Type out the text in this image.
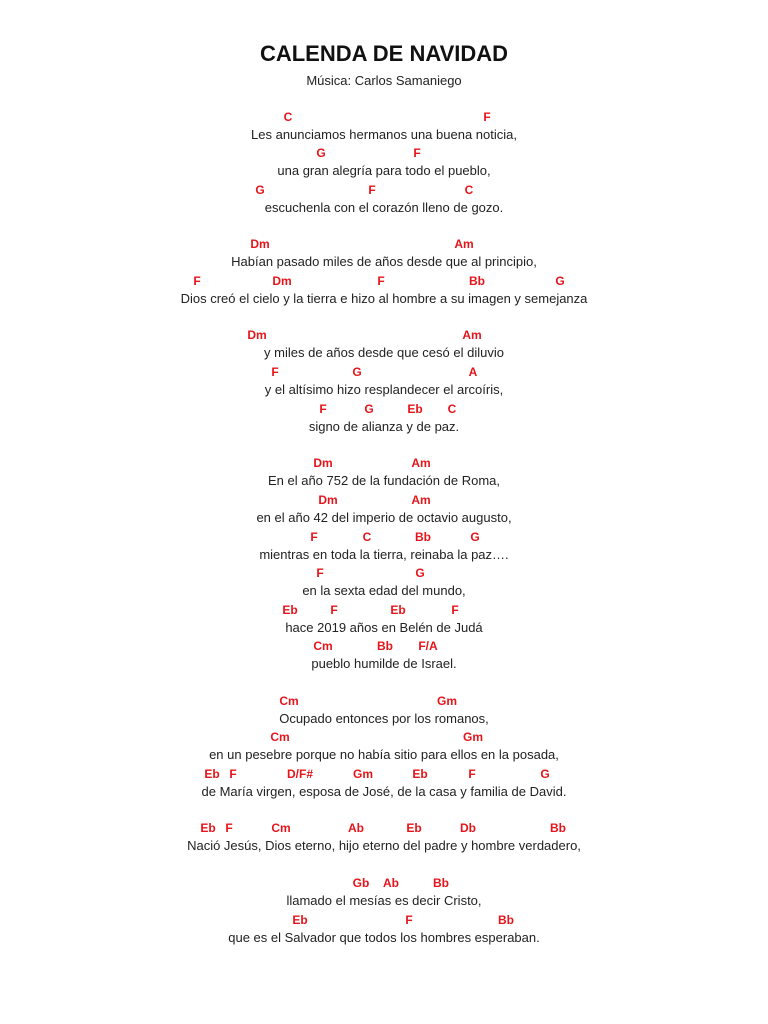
CALENDA DE NAVIDAD

Música: Carlos Samaniego

Les anunciamos hermanos una buena noticia,
C	F
una gran alegría para todo el pueblo,
G	F
escuchenla con el corazón lleno de gozo.
G	F	C
Habían pasado miles de años desde que al principio,
Dm	Am
Dios creó el cielo y la tierra e hizo al hombre a su imagen y semejanza
F	Dm	F	Bb	G
y miles de años desde que cesó el diluvio
Dm	Am
y el altísimo hizo resplandecer el arcoíris,
F	G	A
signo de alianza y de paz.
F	G	Eb C
En el año 752 de la fundación de Roma,
Dm	Am
en el año 42 del imperio de octavio augusto,
Dm	Am
mientras en toda la tierra, reinaba la paz….
F	C	Bb	G
en la sexta edad del mundo,
F	G
hace 2019 años en Belén de Judá
Eb	F	Eb	F
pueblo humilde de Israel.
Cm	Bb F/A
Ocupado entonces por los romanos,
Cm	Gm
en un pesebre porque no había sitio para ellos en la posada,
Cm	Gm
de María virgen, esposa de José, de la casa y familia de David.
Eb F	D/F#	Gm	Eb	F	G
Nació Jesús, Dios eterno, hijo eterno del padre y hombre verdadero,
Eb F	Cm	Ab	Eb	Db	Bb
llamado el mesías es decir Cristo,
Gb Ab	Bb
que es el Salvador que todos los hombres esperaban.
Eb	F	Bb
